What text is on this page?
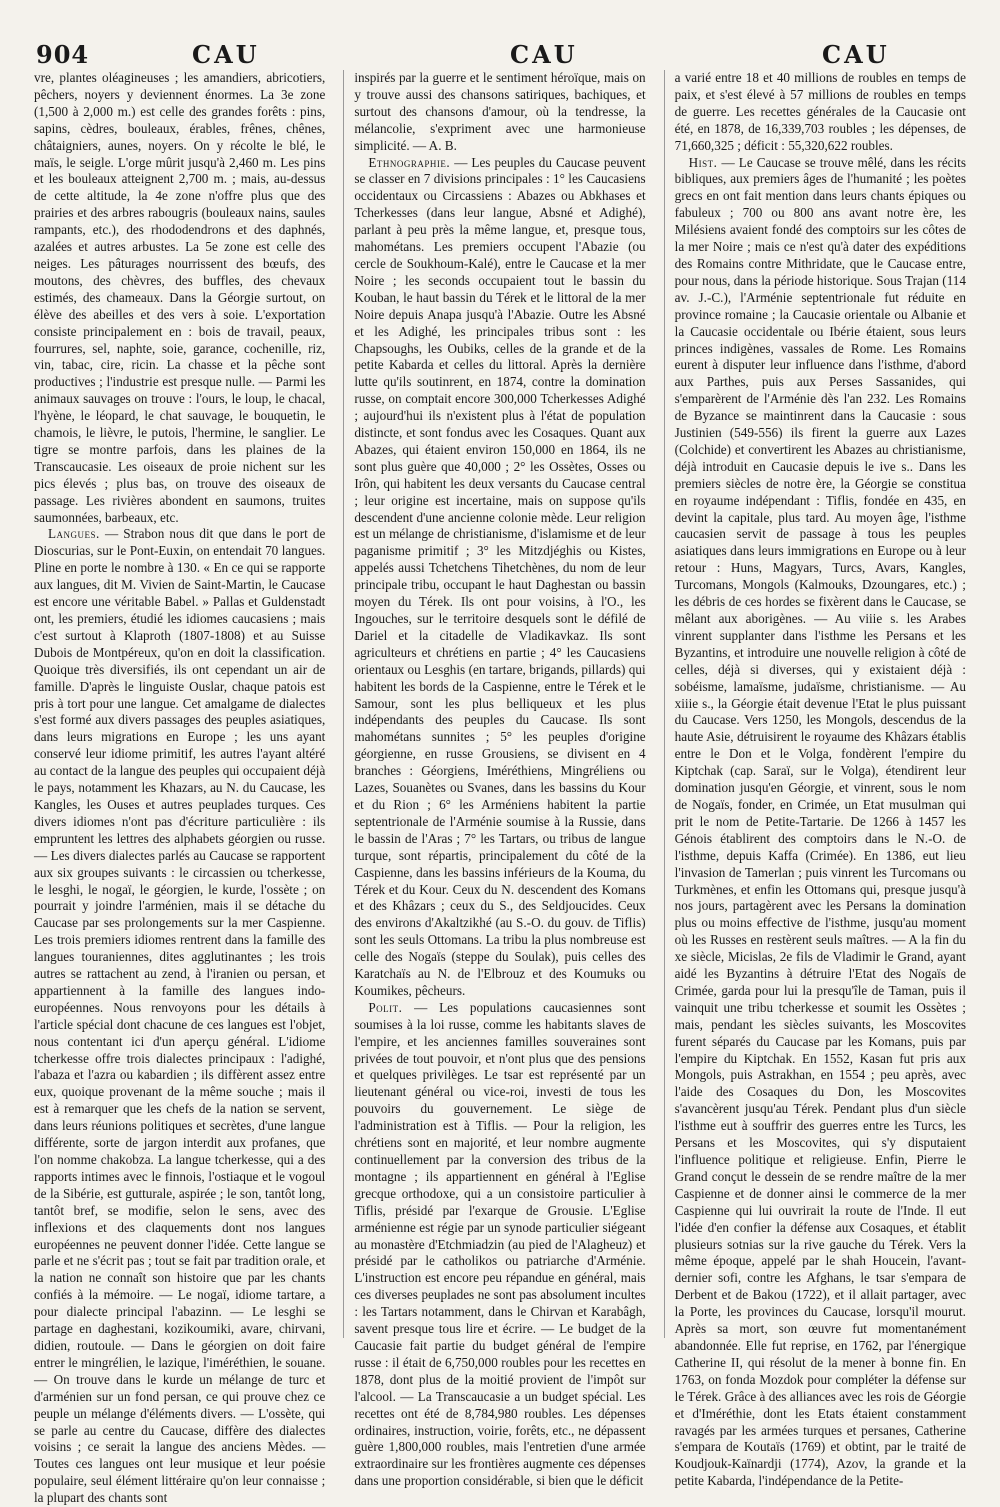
904	CAU	CAU	CAU

vre, plantes oléagineuses ; les amandiers, abricotiers, pêchers, noyers y deviennent énormes. La 3e zone (1,500 à 2,000 m.) est celle des grandes forêts : pins, sapins, cèdres, bouleaux, érables, frênes, chênes, châtaigniers, aunes, noyers. On y récolte le blé, le maïs, le seigle. L'orge mûrit jusqu'à 2,460 m. Les pins et les bouleaux atteignent 2,700 m. ; mais, au-dessus de cette altitude, la 4e zone n'offre plus que des prairies et des arbres rabougris (bouleaux nains, saules rampants, etc.), des rhododendrons et des daphnés, azalées et autres arbustes. La 5e zone est celle des neiges. Les pâturages nourrissent des bœufs, des moutons, des chèvres, des buffles, des chevaux estimés, des chameaux. Dans la Géorgie surtout, on élève des abeilles et des vers à soie. L'exportation consiste principalement en : bois de travail, peaux, fourrures, sel, naphte, soie, garance, cochenille, riz, vin, tabac, cire, ricin. La chasse et la pêche sont productives ; l'industrie est presque nulle. — Parmi les animaux sauvages on trouve : l'ours, le loup, le chacal, l'hyène, le léopard, le chat sauvage, le bouquetin, le chamois, le lièvre, le putois, l'hermine, le sanglier. Le tigre se montre parfois, dans les plaines de la Transcaucasie. Les oiseaux de proie nichent sur les pics élevés ; plus bas, on trouve des oiseaux de passage. Les rivières abondent en saumons, truites saumonnées, barbeaux, etc.

Langues. — Strabon nous dit que dans le port de Dioscurias, sur le Pont-Euxin, on entendait 70 langues. Pline en porte le nombre à 130. « En ce qui se rapporte aux langues, dit M. Vivien de Saint-Martin, le Caucase est encore une véritable Babel. » Pallas et Guldenstadt ont, les premiers, étudié les idiomes caucasiens ; mais c'est surtout à Klaproth (1807-1808) et au Suisse Dubois de Montpéreux, qu'on en doit la classification. Quoique très diversifiés, ils ont cependant un air de famille. D'après le linguiste Ouslar, chaque patois est pris à tort pour une langue. Cet amalgame de dialectes s'est formé aux divers passages des peuples asiatiques, dans leurs migrations en Europe ; les uns ayant conservé leur idiome primitif, les autres l'ayant altéré au contact de la langue des peuples qui occupaient déjà le pays, notamment les Khazars, au N. du Caucase, les Kangles, les Ouses et autres peuplades turques. Ces divers idiomes n'ont pas d'écriture particulière : ils empruntent les lettres des alphabets géorgien ou russe. — Les divers dialectes parlés au Caucase se rapportent aux six groupes suivants : le circassien ou tcherkesse, le lesghi, le nogaï, le géorgien, le kurde, l'ossète ; on pourrait y joindre l'arménien, mais il se détache du Caucase par ses prolongements sur la mer Caspienne. Les trois premiers idiomes rentrent dans la famille des langues touraniennes, dites agglutinantes ; les trois autres se rattachent au zend, à l'iranien ou persan, et appartiennent à la famille des langues indo-européennes. Nous renvoyons pour les détails à l'article spécial dont chacune de ces langues est l'objet, nous contentant ici d'un aperçu général. L'idiome tcherkesse offre trois dialectes principaux : l'adighé, l'abaza et l'azra ou kabardien ; ils diffèrent assez entre eux, quoique provenant de la même souche ; mais il est à remarquer que les chefs de la nation se servent, dans leurs réunions politiques et secrètes, d'une langue différente, sorte de jargon interdit aux profanes, que l'on nomme chakobza. La langue tcherkesse, qui a des rapports intimes avec le finnois, l'ostiaque et le vogoul de la Sibérie, est gutturale, aspirée ; le son, tantôt long, tantôt bref, se modifie, selon le sens, avec des inflexions et des claquements dont nos langues européennes ne peuvent donner l'idée. Cette langue se parle et ne s'écrit pas ; tout se fait par tradition orale, et la nation ne connaît son histoire que par les chants confiés à la mémoire. — Le nogaï, idiome tartare, a pour dialecte principal l'abazinn. — Le lesghi se partage en daghestani, kozikoumiki, avare, chirvani, didien, routoule. — Dans le géorgien on doit faire entrer le mingrélien, le lazique, l'iméréthien, le souane. — On trouve dans le kurde un mélange de turc et d'arménien sur un fond persan, ce qui prouve chez ce peuple un mélange d'éléments divers. — L'ossète, qui se parle au centre du Caucase, diffère des dialectes voisins ; ce serait la langue des anciens Mèdes. — Toutes ces langues ont leur musique et leur poésie populaire, seul élément littéraire qu'on leur connaisse ; la plupart des chants sont

inspirés par la guerre et le sentiment héroïque, mais on y trouve aussi des chansons satiriques, bachiques, et surtout des chansons d'amour, où la tendresse, la mélancolie, s'expriment avec une harmonieuse simplicité. — A. B.

Ethnographie. — Les peuples du Caucase peuvent se classer en 7 divisions principales : 1° les Caucasiens occidentaux ou Circassiens : Abazes ou Abkhases et Tcherkesses (dans leur langue, Absné et Adighé), parlant à peu près la même langue, et, presque tous, mahométans. Les premiers occupent l'Abazie (ou cercle de Soukhoum-Kalé), entre le Caucase et la mer Noire ; les seconds occupaient tout le bassin du Kouban, le haut bassin du Térek et le littoral de la mer Noire depuis Anapa jusqu'à l'Abazie. Outre les Absné et les Adighé, les principales tribus sont : les Chapsoughs, les Oubiks, celles de la grande et de la petite Kabarda et celles du littoral. Après la dernière lutte qu'ils soutinrent, en 1874, contre la domination russe, on comptait encore 300,000 Tcherkesses Adighé ; aujourd'hui ils n'existent plus à l'état de population distincte, et sont fondus avec les Cosaques. Quant aux Abazes, qui étaient environ 150,000 en 1864, ils ne sont plus guère que 40,000 ; 2° les Ossètes, Osses ou Irôn, qui habitent les deux versants du Caucase central ; leur origine est incertaine, mais on suppose qu'ils descendent d'une ancienne colonie mède. Leur religion est un mélange de christianisme, d'islamisme et de leur paganisme primitif ; 3° les Mitzdjéghis ou Kistes, appelés aussi Tchetchens Tihetchènes, du nom de leur principale tribu, occupant le haut Daghestan ou bassin moyen du Térek. Ils ont pour voisins, à l'O., les Ingouches, sur le territoire desquels sont le défilé de Dariel et la citadelle de Vladikavkaz. Ils sont agriculteurs et chrétiens en partie ; 4° les Caucasiens orientaux ou Lesghis (en tartare, brigands, pillards) qui habitent les bords de la Caspienne, entre le Térek et le Samour, sont les plus belliqueux et les plus indépendants des peuples du Caucase. Ils sont mahométans sunnites ; 5° les peuples d'origine géorgienne, en russe Grousiens, se divisent en 4 branches : Géorgiens, Iméréthiens, Mingréliens ou Lazes, Souanètes ou Svanes, dans les bassins du Kour et du Rion ; 6° les Arméniens habitent la partie septentrionale de l'Arménie soumise à la Russie, dans le bassin de l'Aras ; 7° les Tartars, ou tribus de langue turque, sont répartis, principalement du côté de la Caspienne, dans les bassins inférieurs de la Kouma, du Térek et du Kour. Ceux du N. descendent des Komans et des Khâzars ; ceux du S., des Seldjoucides. Ceux des environs d'Akaltzikhé (au S.-O. du gouv. de Tiflis) sont les seuls Ottomans. La tribu la plus nombreuse est celle des Nogaïs (steppe du Soulak), puis celles des Karatchaïs au N. de l'Elbrouz et des Koumuks ou Koumikes, pêcheurs.

Polit. — Les populations caucasiennes sont soumises à la loi russe, comme les habitants slaves de l'empire, et les anciennes familles souveraines sont privées de tout pouvoir, et n'ont plus que des pensions et quelques privilèges. Le tsar est représenté par un lieutenant général ou vice-roi, investi de tous les pouvoirs du gouvernement. Le siège de l'administration est à Tiflis. — Pour la religion, les chrétiens sont en majorité, et leur nombre augmente continuellement par la conversion des tribus de la montagne ; ils appartiennent en général à l'Eglise grecque orthodoxe, qui a un consistoire particulier à Tiflis, présidé par l'exarque de Grousie. L'Eglise arménienne est régie par un synode particulier siégeant au monastère d'Etchmiadzin (au pied de l'Alagheuz) et présidé par le catholikos ou patriarche d'Arménie. L'instruction est encore peu répandue en général, mais ces diverses peuplades ne sont pas absolument incultes : les Tartars notamment, dans le Chirvan et Karabâgh, savent presque tous lire et écrire. — Le budget de la Caucasie fait partie du budget général de l'empire russe : il était de 6,750,000 roubles pour les recettes en 1878, dont plus de la moitié provient de l'impôt sur l'alcool. — La Transcaucasie a un budget spécial. Les recettes ont été de 8,784,980 roubles. Les dépenses ordinaires, instruction, voirie, forêts, etc., ne dépassent guère 1,800,000 roubles, mais l'entretien d'une armée extraordinaire sur les frontières augmente ces dépenses dans une proportion considérable, si bien que le déficit

a varié entre 18 et 40 millions de roubles en temps de paix, et s'est élevé à 57 millions de roubles en temps de guerre. Les recettes générales de la Caucasie ont été, en 1878, de 16,339,703 roubles ; les dépenses, de 71,660,325 ; déficit : 55,320,622 roubles.

Hist. — Le Caucase se trouve mêlé, dans les récits bibliques, aux premiers âges de l'humanité ; les poètes grecs en ont fait mention dans leurs chants épiques ou fabuleux ; 700 ou 800 ans avant notre ère, les Milésiens avaient fondé des comptoirs sur les côtes de la mer Noire ; mais ce n'est qu'à dater des expéditions des Romains contre Mithridate, que le Caucase entre, pour nous, dans la période historique. Sous Trajan (114 av. J.-C.), l'Arménie septentrionale fut réduite en province romaine ; la Caucasie orientale ou Albanie et la Caucasie occidentale ou Ibérie étaient, sous leurs princes indigènes, vassales de Rome. Les Romains eurent à disputer leur influence dans l'isthme, d'abord aux Parthes, puis aux Perses Sassanides, qui s'emparèrent de l'Arménie dès l'an 232. Les Romains de Byzance se maintinrent dans la Caucasie : sous Justinien (549-556) ils firent la guerre aux Lazes (Colchide) et convertirent les Abazes au christianisme, déjà introduit en Caucasie depuis le ive s.. Dans les premiers siècles de notre ère, la Géorgie se constitua en royaume indépendant : Tiflis, fondée en 435, en devint la capitale, plus tard. Au moyen âge, l'isthme caucasien servit de passage à tous les peuples asiatiques dans leurs immigrations en Europe ou à leur retour : Huns, Magyars, Turcs, Avars, Kangles, Turcomans, Mongols (Kalmouks, Dzoungares, etc.) ; les débris de ces hordes se fixèrent dans le Caucase, se mêlant aux aborigènes. — Au viiie s. les Arabes vinrent supplanter dans l'isthme les Persans et les Byzantins, et introduire une nouvelle religion à côté de celles, déjà si diverses, qui y existaient déjà : sobéisme, lamaïsme, judaïsme, christianisme. — Au xiiie s., la Géorgie était devenue l'Etat le plus puissant du Caucase. Vers 1250, les Mongols, descendus de la haute Asie, détruisirent le royaume des Khâzars établis entre le Don et le Volga, fondèrent l'empire du Kiptchak (cap. Saraï, sur le Volga), étendirent leur domination jusqu'en Géorgie, et vinrent, sous le nom de Nogaïs, fonder, en Crimée, un Etat musulman qui prit le nom de Petite-Tartarie. De 1266 à 1457 les Génois établirent des comptoirs dans le N.-O. de l'isthme, depuis Kaffa (Crimée). En 1386, eut lieu l'invasion de Tamerlan ; puis vinrent les Turcomans ou Turkmènes, et enfin les Ottomans qui, presque jusqu'à nos jours, partagèrent avec les Persans la domination plus ou moins effective de l'isthme, jusqu'au moment où les Russes en restèrent seuls maîtres. — A la fin du xe siècle, Micislas, 2e fils de Vladimir le Grand, ayant aidé les Byzantins à détruire l'Etat des Nogaïs de Crimée, garda pour lui la presqu'île de Taman, puis il vainquit une tribu tcherkesse et soumit les Ossètes ; mais, pendant les siècles suivants, les Moscovites furent séparés du Caucase par les Komans, puis par l'empire du Kiptchak. En 1552, Kasan fut pris aux Mongols, puis Astrakhan, en 1554 ; peu après, avec l'aide des Cosaques du Don, les Moscovites s'avancèrent jusqu'au Térek. Pendant plus d'un siècle l'isthme eut à souffrir des guerres entre les Turcs, les Persans et les Moscovites, qui s'y disputaient l'influence politique et religieuse. Enfin, Pierre le Grand conçut le dessein de se rendre maître de la mer Caspienne et de donner ainsi le commerce de la mer Caspienne qui lui ouvrirait la route de l'Inde. Il eut l'idée d'en confier la défense aux Cosaques, et établit plusieurs sotnias sur la rive gauche du Térek. Vers la même époque, appelé par le shah Houcein, l'avant-dernier sofi, contre les Afghans, le tsar s'empara de Derbent et de Bakou (1722), et il allait partager, avec la Porte, les provinces du Caucase, lorsqu'il mourut. Après sa mort, son œuvre fut momentanément abandonnée. Elle fut reprise, en 1762, par l'énergique Catherine II, qui résolut de la mener à bonne fin. En 1763, on fonda Mozdok pour compléter la défense sur le Térek. Grâce à des alliances avec les rois de Géorgie et d'Iméréthie, dont les Etats étaient constamment ravagés par les armées turques et persanes, Catherine s'empara de Koutaïs (1769) et obtint, par le traité de Koudjouk-Kaïnardji (1774), Azov, la grande et la petite Kabarda, l'indépendance de la Petite-
